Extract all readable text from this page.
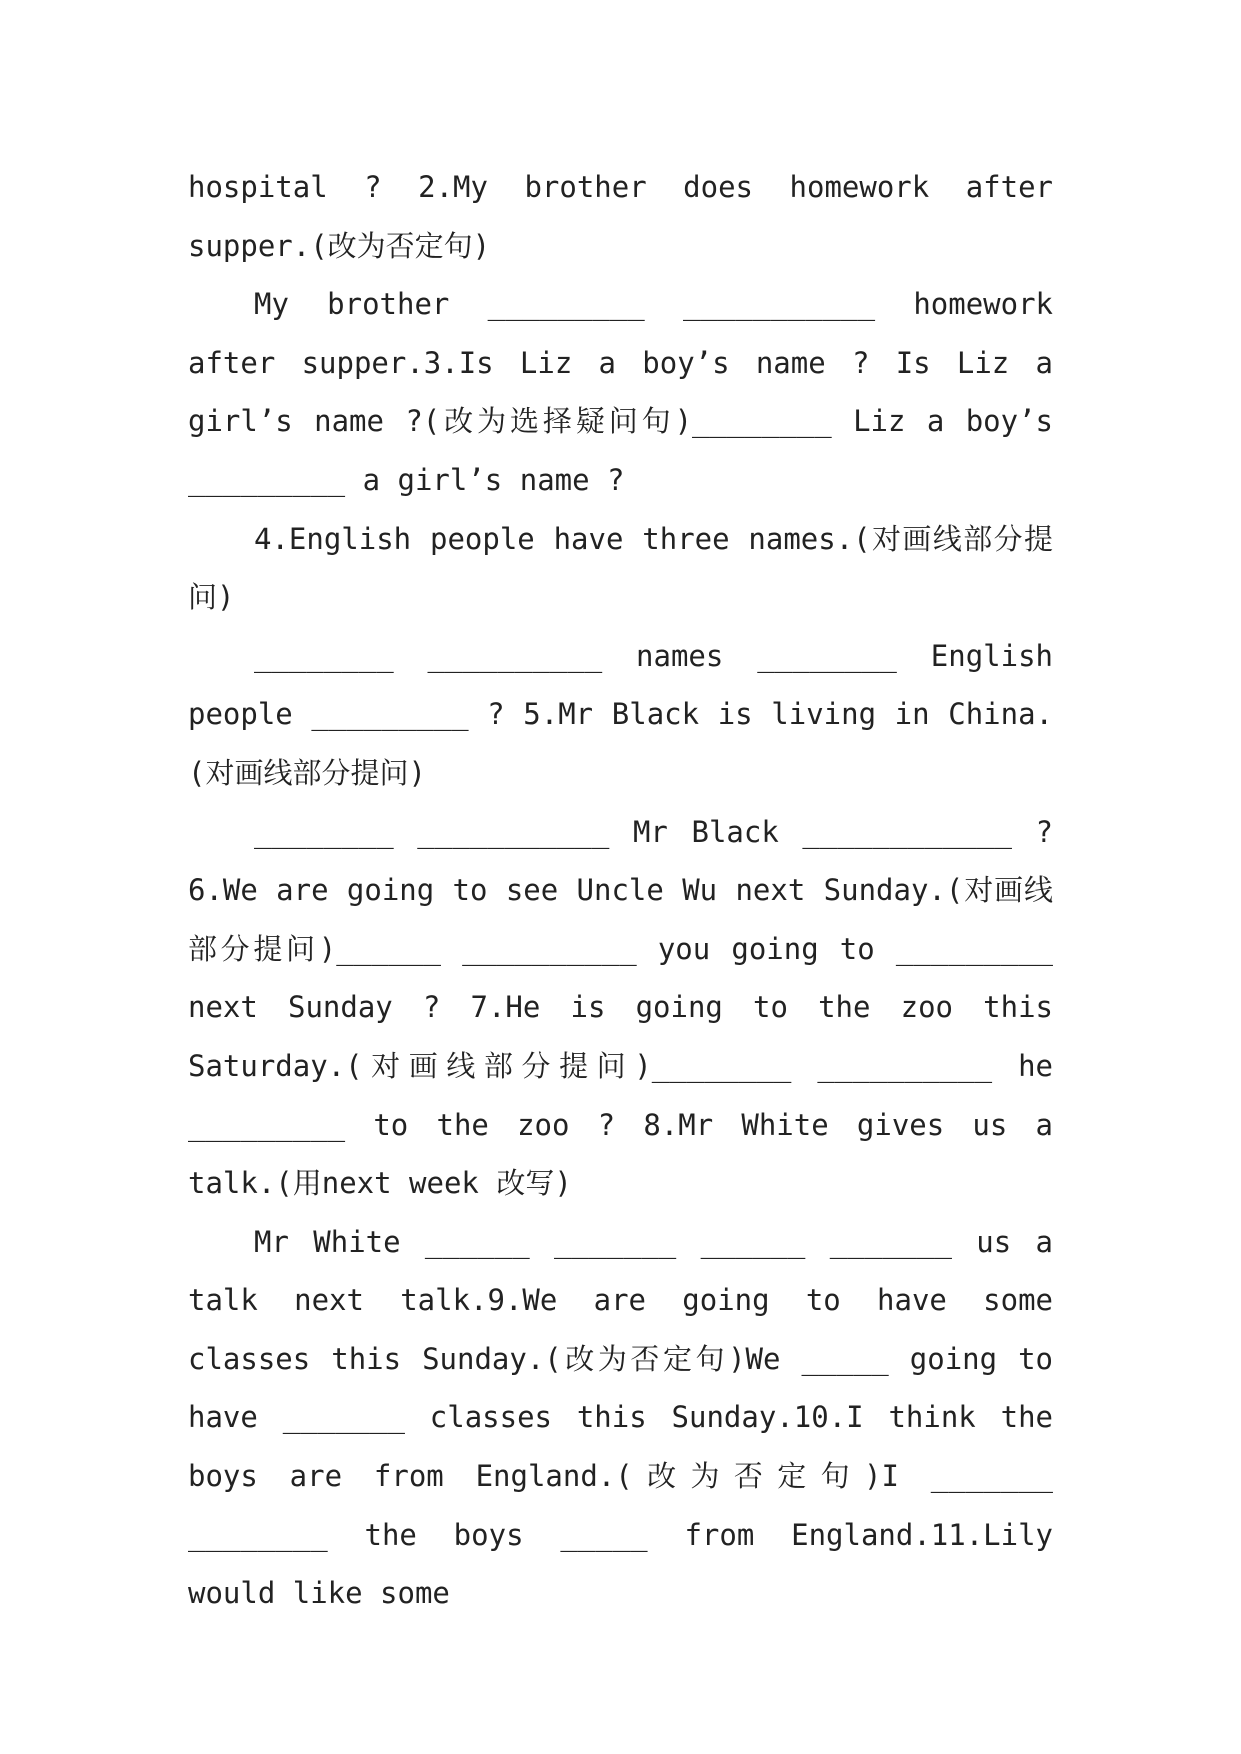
hospital ? 2.My brother does homework after supper.(改为否定句)

My brother _________ ___________ homework after supper.3.Is Liz a boy’s name ? Is Liz a girl’s name ?(改为选择疑问句)________ Liz a boy’s _________ a girl’s name ?

4.English people have three names.(对画线部分提问)

________ __________ names ________ English people _________ ? 5.Mr Black is living in China.(对画线部分提问)

________ ___________ Mr Black ____________ ? 6.We are going to see Uncle Wu next Sunday.(对画线部分提问)______ __________ you going to _________ next Sunday ? 7.He is going to the zoo this Saturday.(对画线部分提问)________ __________ he _________ to the zoo ? 8.Mr White gives us a talk.(用next week 改写)

Mr White ______ _______ ______ _______ us a talk next talk.9.We are going to have some classes this Sunday.(改为否定句)We _____ going to have _______ classes this Sunday.10.I think the boys are from England.(改为否定句)I _______ ________ the boys _____ from England.11.Lily would like some
